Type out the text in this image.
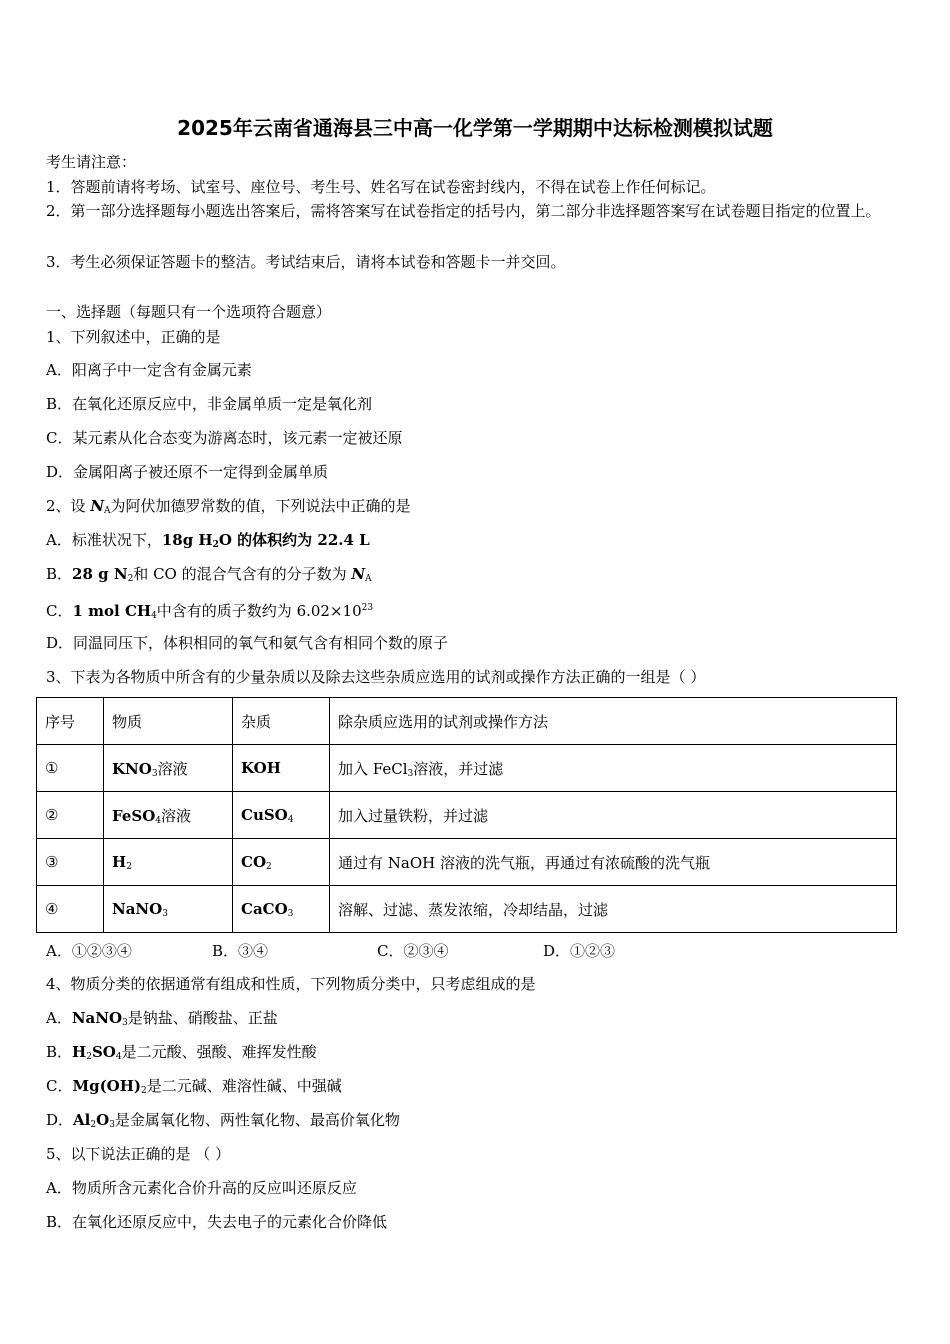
2025年云南省通海县三中高一化学第一学期期中达标检测模拟试题
考生请注意：
1．答题前请将考场、试室号、座位号、考生号、姓名写在试卷密封线内，不得在试卷上作任何标记。
2．第一部分选择题每小题选出答案后，需将答案写在试卷指定的括号内，第二部分非选择题答案写在试卷题目指定的位置上。
3．考生必须保证答题卡的整洁。考试结束后，请将本试卷和答题卡一并交回。
一、选择题（每题只有一个选项符合题意）
1、下列叙述中，正确的是
A．阳离子中一定含有金属元素
B．在氧化还原反应中，非金属单质一定是氧化剂
C．某元素从化合态变为游离态时，该元素一定被还原
D．金属阳离子被还原不一定得到金属单质
2、设 $N_A$为阿伏加德罗常数的值，下列说法中正确的是
A．标准状况下，18g $H_2O$ 的体积约为 22.4 L
B．28 g $N_2$和 CO 的混合气含有的分子数为 $N_A$
C．1 mol $CH_4$中含有的质子数约为 $6.02\times 10^{23}$
D．同温同压下，体积相同的氧气和氨气含有相同个数的原子
3、下表为各物质中所含有的少量杂质以及除去这些杂质应选用的试剂或操作方法正确的一组是（ ）
序号	物质	杂质	除杂质应选用的试剂或操作方法
①	$KNO_3$溶液	KOH	加入 FeCl$_3$溶液，并过滤
②	FeSO$_4$溶液	CuSO$_4$	加入过量铁粉，并过滤
③	$H_2$	$CO_2$	通过有 NaOH 溶液的洗气瓶，再通过有浓硫酸的洗气瓶
④	NaNO$_3$	CaCO$_3$	溶解、过滤、蒸发浓缩，冷却结晶，过滤
A．①②③④	B．③④	C．②③④	D．①②③
4、物质分类的依据通常有组成和性质，下列物质分类中，只考虑组成的是
A．NaNO$_3$是钠盐、硝酸盐、正盐
B．$H_2SO_4$是二元酸、强酸、难挥发性酸
C．$Mg(OH)_2$是二元碱、难溶性碱、中强碱
D．$Al_2O_3$是金属氧化物、两性氧化物、最高价氧化物
5、以下说法正确的是 （ ）
A．物质所含元素化合价升高的反应叫还原反应
B．在氧化还原反应中，失去电子的元素化合价降低
